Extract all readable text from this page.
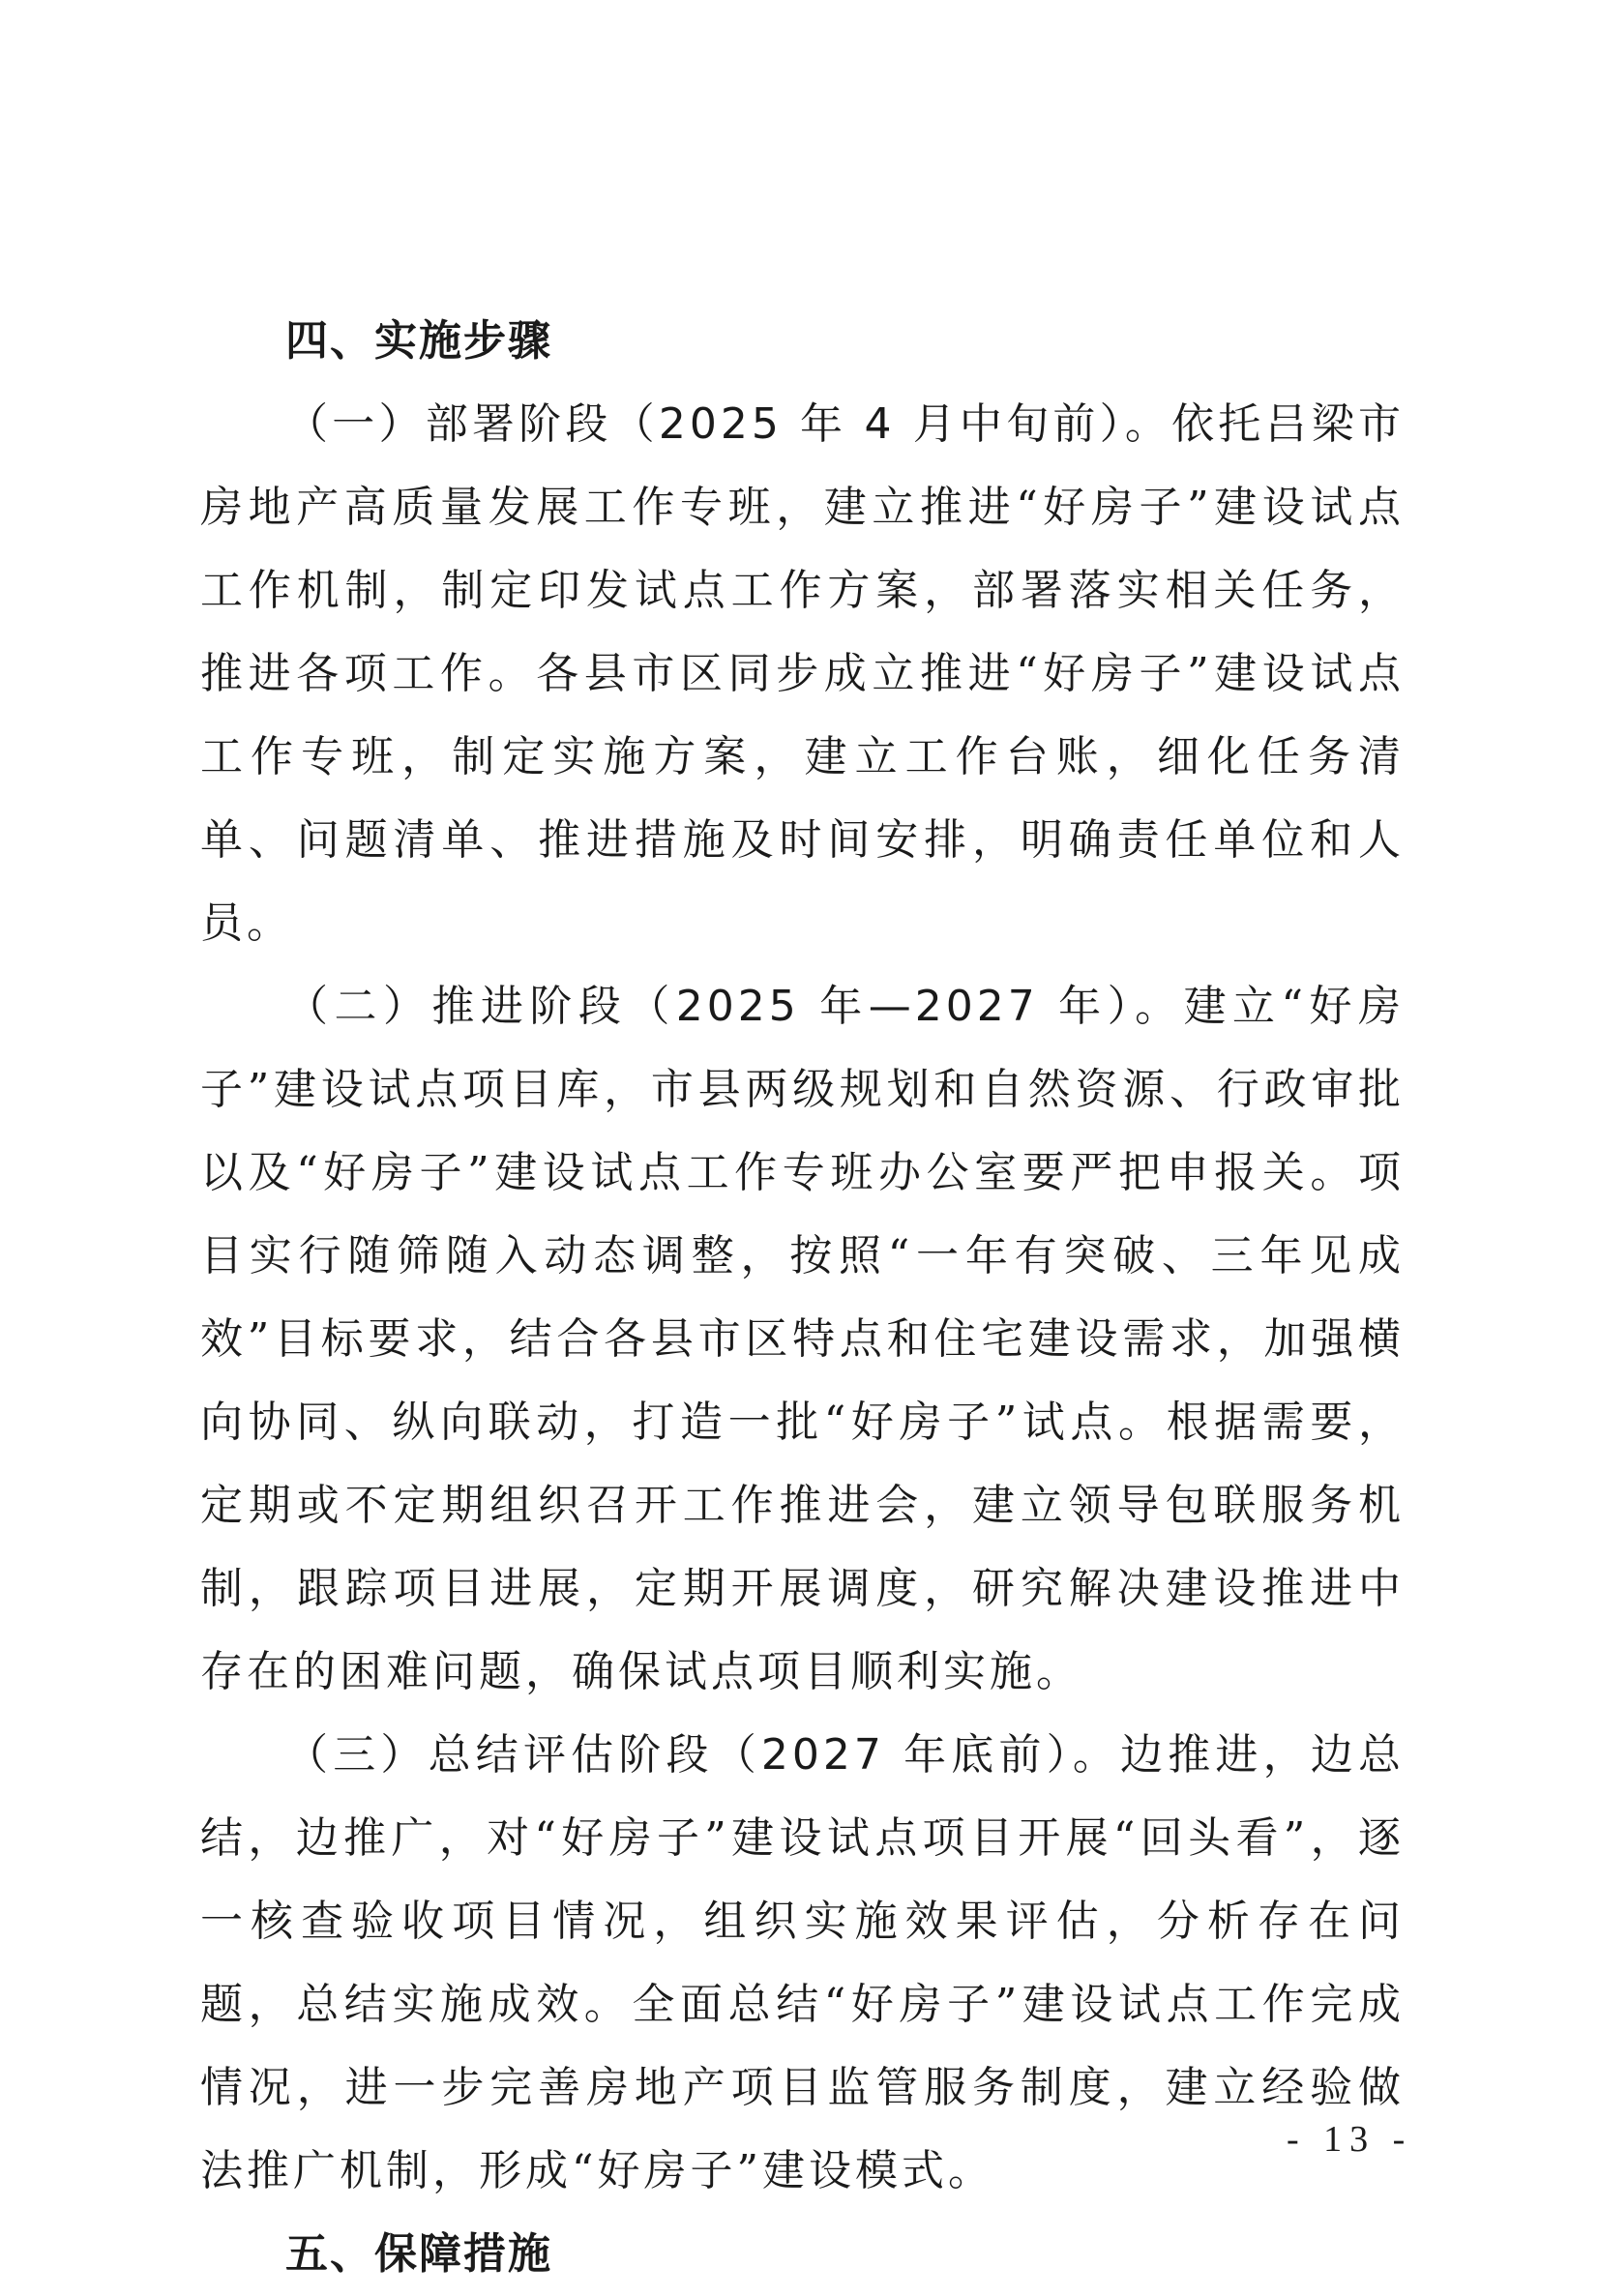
四、实施步骤

（一）部署阶段（2025 年 4 月中旬前）。依托吕梁市房地产高质量发展工作专班，建立推进“好房子”建设试点工作机制，制定印发试点工作方案，部署落实相关任务，推进各项工作。各县市区同步成立推进“好房子”建设试点工作专班，制定实施方案，建立工作台账，细化任务清单、问题清单、推进措施及时间安排，明确责任单位和人员。

（二）推进阶段（2025 年—2027 年）。建立“好房子”建设试点项目库，市县两级规划和自然资源、行政审批以及“好房子”建设试点工作专班办公室要严把申报关。项目实行随筛随入动态调整，按照“一年有突破、三年见成效”目标要求，结合各县市区特点和住宅建设需求，加强横向协同、纵向联动，打造一批“好房子”试点。根据需要，定期或不定期组织召开工作推进会，建立领导包联服务机制，跟踪项目进展，定期开展调度，研究解决建设推进中存在的困难问题，确保试点项目顺利实施。

（三）总结评估阶段（2027 年底前）。边推进，边总结，边推广，对“好房子”建设试点项目开展“回头看”，逐一核查验收项目情况，组织实施效果评估，分析存在问题，总结实施成效。全面总结“好房子”建设试点工作完成情况，进一步完善房地产项目监管服务制度，建立经验做法推广机制，形成“好房子”建设模式。

五、保障措施
- 13 -
